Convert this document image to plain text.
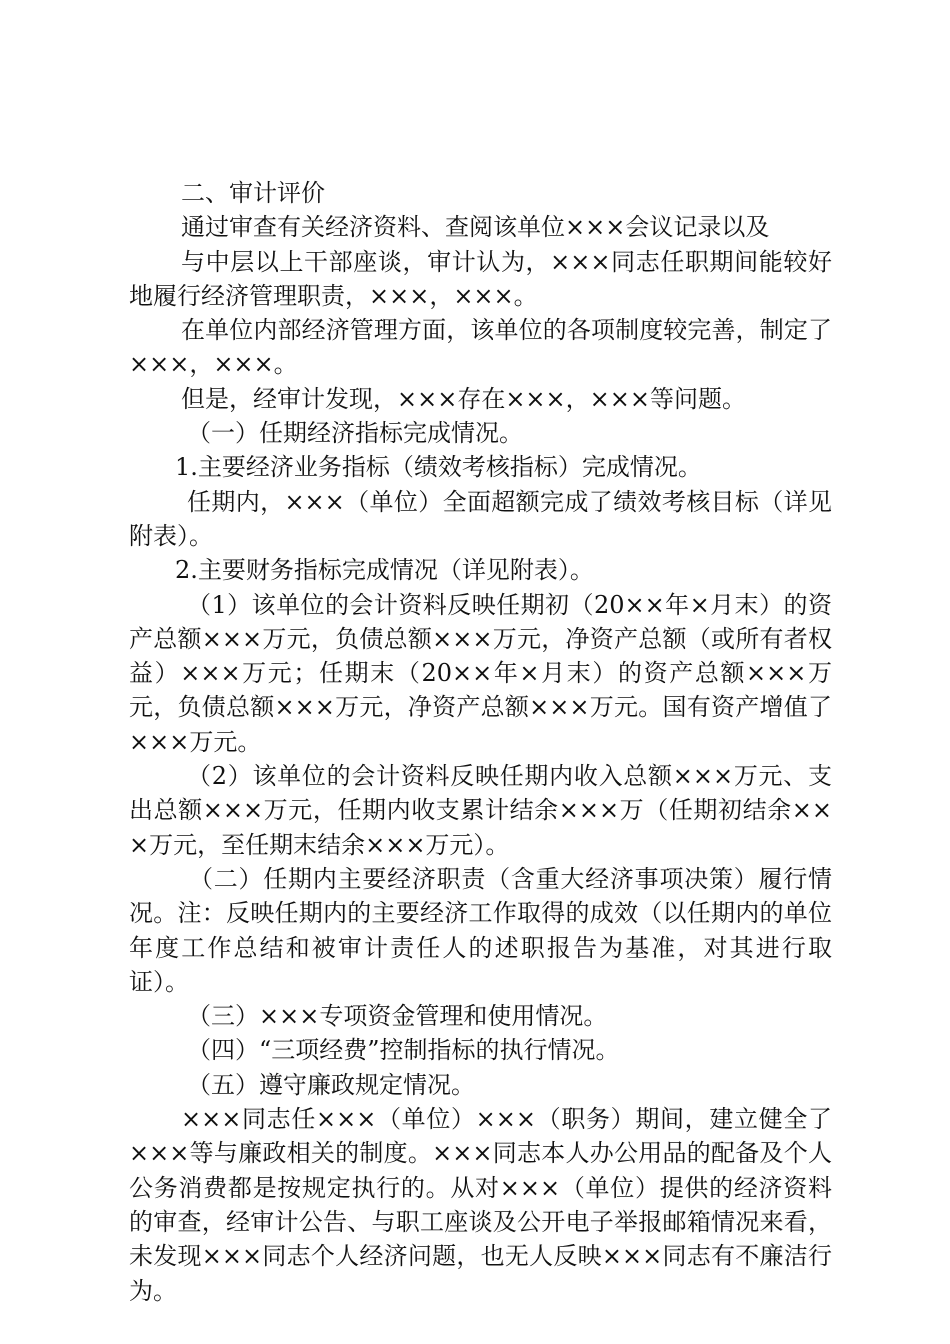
二、审计评价

通过审查有关经济资料、查阅该单位×××会议记录以及

与中层以上干部座谈，审计认为，×××同志任职期间能较好地履行经济管理职责，×××，×××。

在单位内部经济管理方面，该单位的各项制度较完善，制定了×××，×××。

但是，经审计发现，×××存在×××，×××等问题。

（一）任期经济指标完成情况。

1.主要经济业务指标（绩效考核指标）完成情况。

任期内，×××（单位）全面超额完成了绩效考核目标（详见附表）。

2.主要财务指标完成情况（详见附表）。

（1）该单位的会计资料反映任期初（20××年×月末）的资产总额×××万元，负债总额×××万元，净资产总额（或所有者权益）×××万元；任期末（20××年×月末）的资产总额×××万元，负债总额×××万元，净资产总额×××万元。国有资产增值了×××万元。

（2）该单位的会计资料反映任期内收入总额×××万元、支出总额×××万元，任期内收支累计结余×××万（任期初结余×××万元，至任期末结余×××万元）。

（二）任期内主要经济职责（含重大经济事项决策）履行情况。注：反映任期内的主要经济工作取得的成效（以任期内的单位年度工作总结和被审计责任人的述职报告为基准，对其进行取证）。

（三）×××专项资金管理和使用情况。

（四）“三项经费”控制指标的执行情况。

（五）遵守廉政规定情况。

×××同志任×××（单位）×××（职务）期间，建立健全了×××等与廉政相关的制度。×××同志本人办公用品的配备及个人公务消费都是按规定执行的。从对×××（单位）提供的经济资料的审查，经审计公告、与职工座谈及公开电子举报邮箱情况来看，未发现×××同志个人经济问题，也无人反映×××同志有不廉洁行为。
